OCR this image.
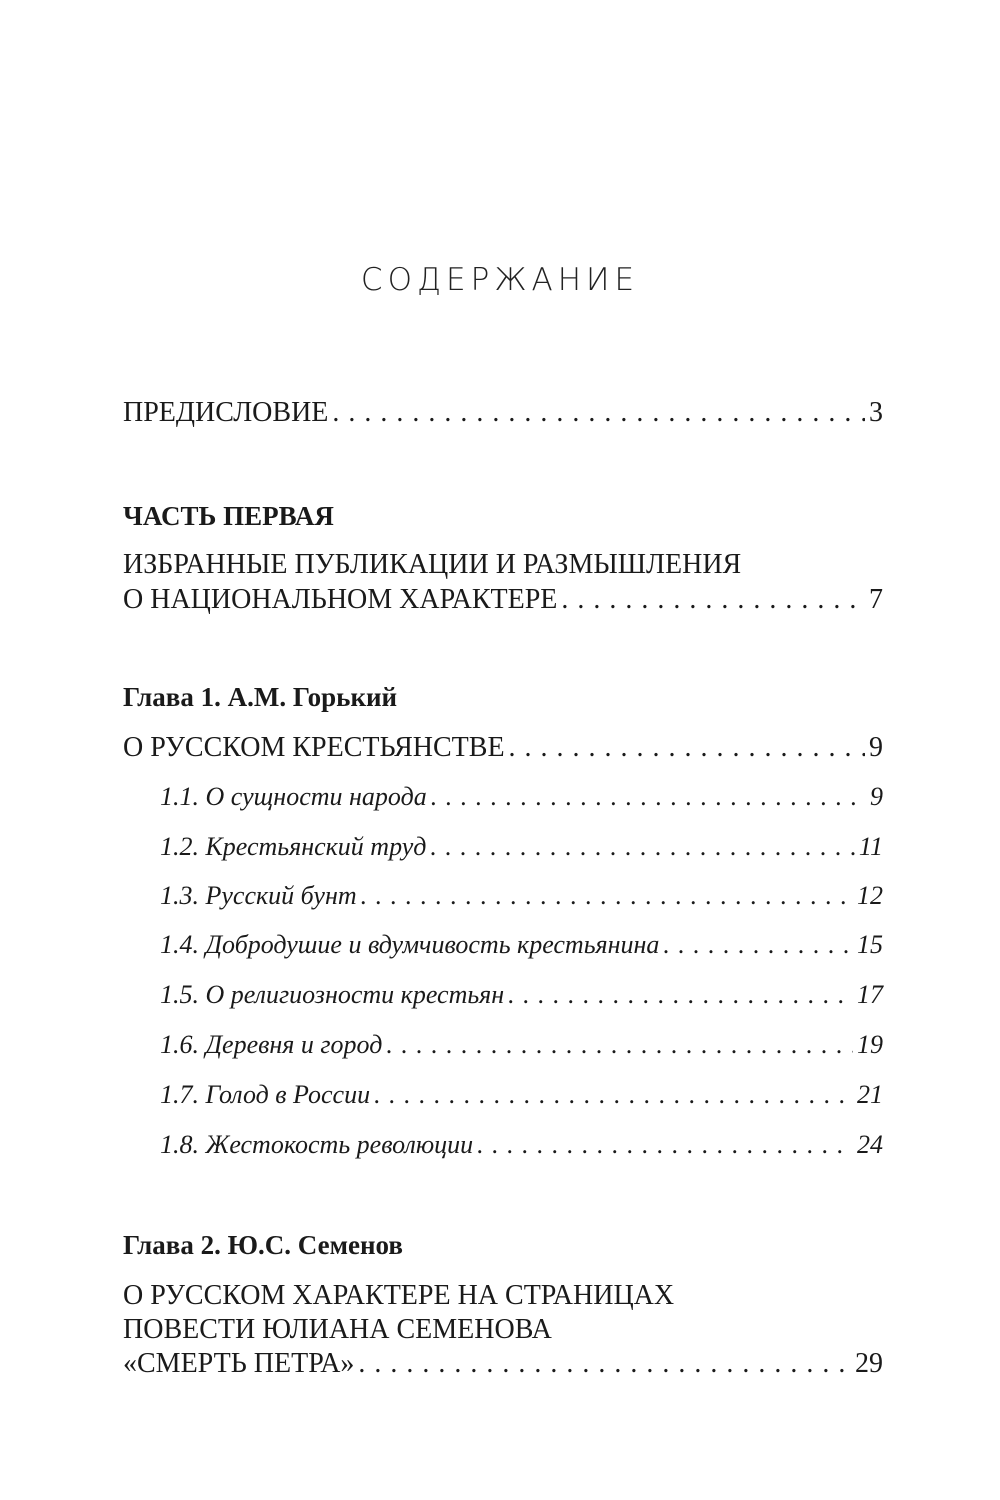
СОДЕРЖАНИЕ
ПРЕДИСЛОВИЕ . . .	3
ЧАСТЬ ПЕРВАЯ
ИЗБРАННЫЕ ПУБЛИКАЦИИ И РАЗМЫШЛЕНИЯ
О НАЦИОНАЛЬНОМ ХАРАКТЕРЕ . . .	7
Глава 1. А.М. Горький
О РУССКОМ КРЕСТЬЯНСТВЕ . . .	9
1.1. О сущности народа . . .	9
1.2. Крестьянский труд . . .	11
1.3. Русский бунт . . .	12
1.4. Добродушие и вдумчивость крестьянина . . .	15
1.5. О религиозности крестьян . . .	17
1.6. Деревня и город . . .	19
1.7. Голод в России . . .	21
1.8. Жестокость революции . . .	24
Глава 2. Ю.С. Семенов
О РУССКОМ ХАРАКТЕРЕ НА СТРАНИЦАХ
ПОВЕСТИ ЮЛИАНА СЕМЕНОВА
«СМЕРТЬ ПЕТРА» . . .	29
